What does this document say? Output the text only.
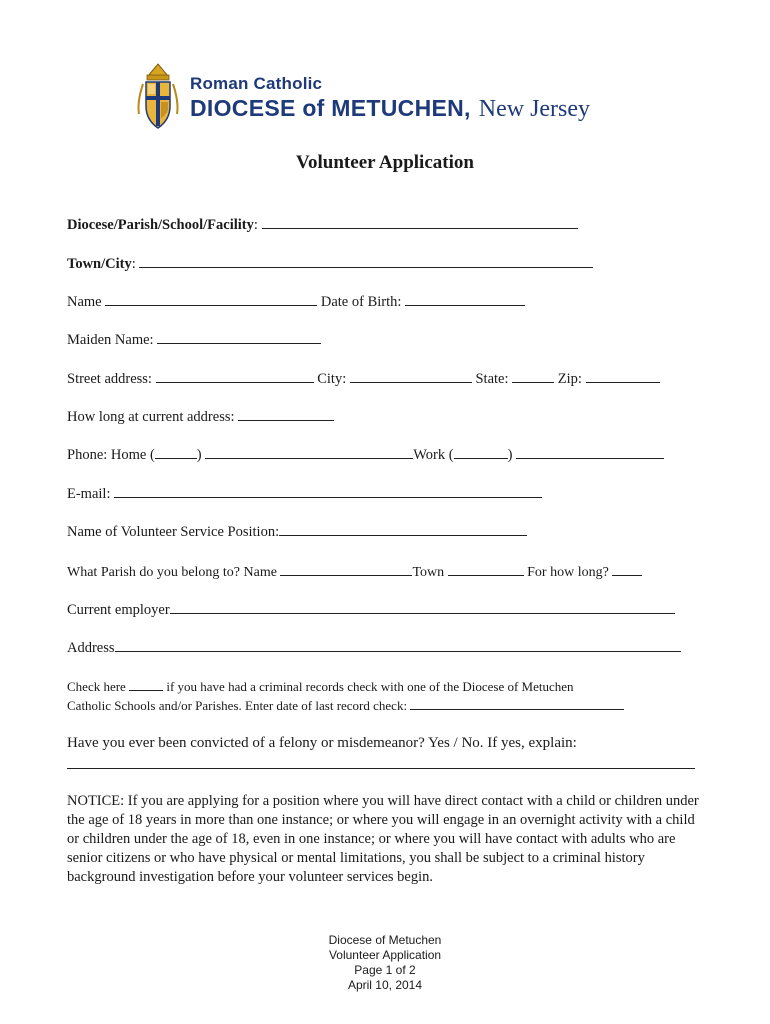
Roman Catholic
DIOCESE of METUCHEN, New Jersey
Volunteer Application
Diocese/Parish/School/Facility:
Town/City:
Name	Date of Birth:
Maiden Name:
Street address:	City:	State:	Zip:
How long at current address:
Phone: Home (	)	Work (	)
E-mail:
Name of Volunteer Service Position:
What Parish do you belong to? Name	Town	For how long?
Current employer
Address
Check here	if you have had a criminal records check with one of the Diocese of Metuchen
Catholic Schools and/or Parishes. Enter date of last record check:
Have you ever been convicted of a felony or misdemeanor? Yes / No. If yes, explain:
NOTICE: If you are applying for a position where you will have direct contact with a child or children under the age of 18 years in more than one instance; or where you will engage in an overnight activity with a child or children under the age of 18, even in one instance; or where you will have contact with adults who are senior citizens or who have physical or mental limitations, you shall be subject to a criminal history background investigation before your volunteer services begin.
Diocese of Metuchen
Volunteer Application
Page 1 of 2
April 10, 2014
